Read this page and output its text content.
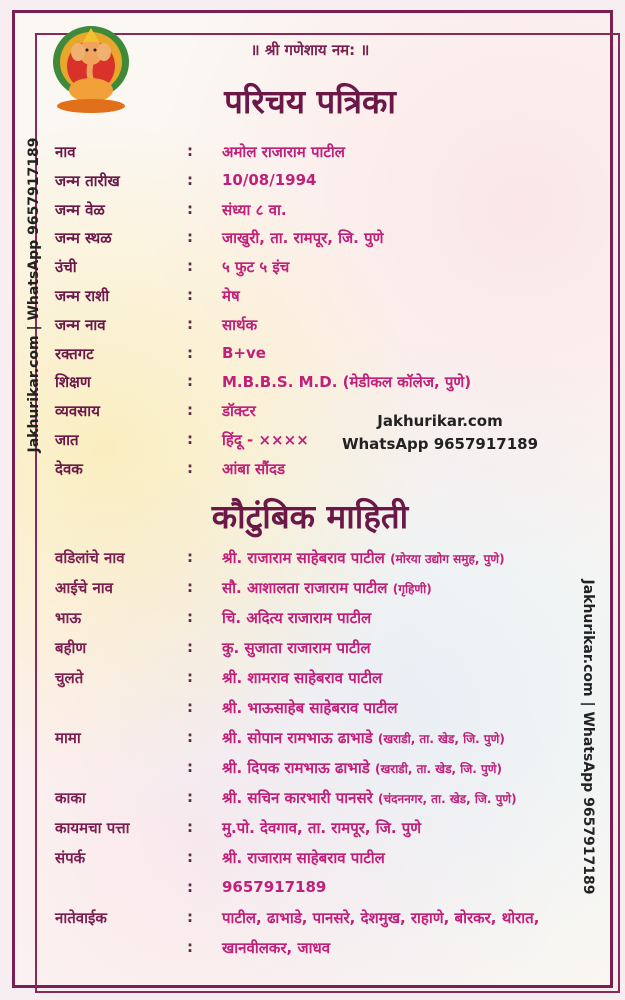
॥ श्री गणेशाय नम: ॥
परिचय पत्रिका
नाव	: अमोल राजाराम पाटील
जन्म तारीख	: 10/08/1994
जन्म वेळ	: संध्या ८ वा.
जन्म स्थळ	: जाखुरी, ता. रामपूर, जि. पुणे
उंची	: ५ फुट ५ इंच
जन्म राशी	: मेष
जन्म नाव	: सार्थक
रक्तगट	: B+ve
शिक्षण	: M.B.B.S. M.D. (मेडीकल कॉलेज, पुणे)
व्यवसाय	: डॉक्टर
जात	: हिंदू - ××××
देवक	: आंबा सौंदड
Jakhurikar.com
WhatsApp 9657917189
कौटुंबिक माहिती
वडिलांचे नाव	: श्री. राजाराम साहेबराव पाटील (मोरया उद्योग समुह, पुणे)
आईचे नाव	: सौ. आशालता राजाराम पाटील (गृहिणी)
भाऊ	: चि. अदित्य राजाराम पाटील
बहीण	: कु. सुजाता राजाराम पाटील
चुलते	: श्री. शामराव साहेबराव पाटील
: श्री. भाऊसाहेब साहेबराव पाटील
मामा	: श्री. सोपान रामभाऊ ढाभाडे (खराडी, ता. खेड, जि. पुणे)
: श्री. दिपक रामभाऊ ढाभाडे (खराडी, ता. खेड, जि. पुणे)
काका	: श्री. सचिन कारभारी पानसरे (चंदननगर, ता. खेड, जि. पुणे)
कायमचा पत्ता	: मु.पो. देवगाव, ता. रामपूर, जि. पुणे
संपर्क	: श्री. राजाराम साहेबराव पाटील
: 9657917189
नातेवाईक	: पाटील, ढाभाडे, पानसरे, देशमुख, राहाणे, बोरकर, थोरात,
: खानवीलकर, जाधव
Jakhurikar.com | WhatsApp 9657917189
Jakhurikar.com | WhatsApp 9657917189
